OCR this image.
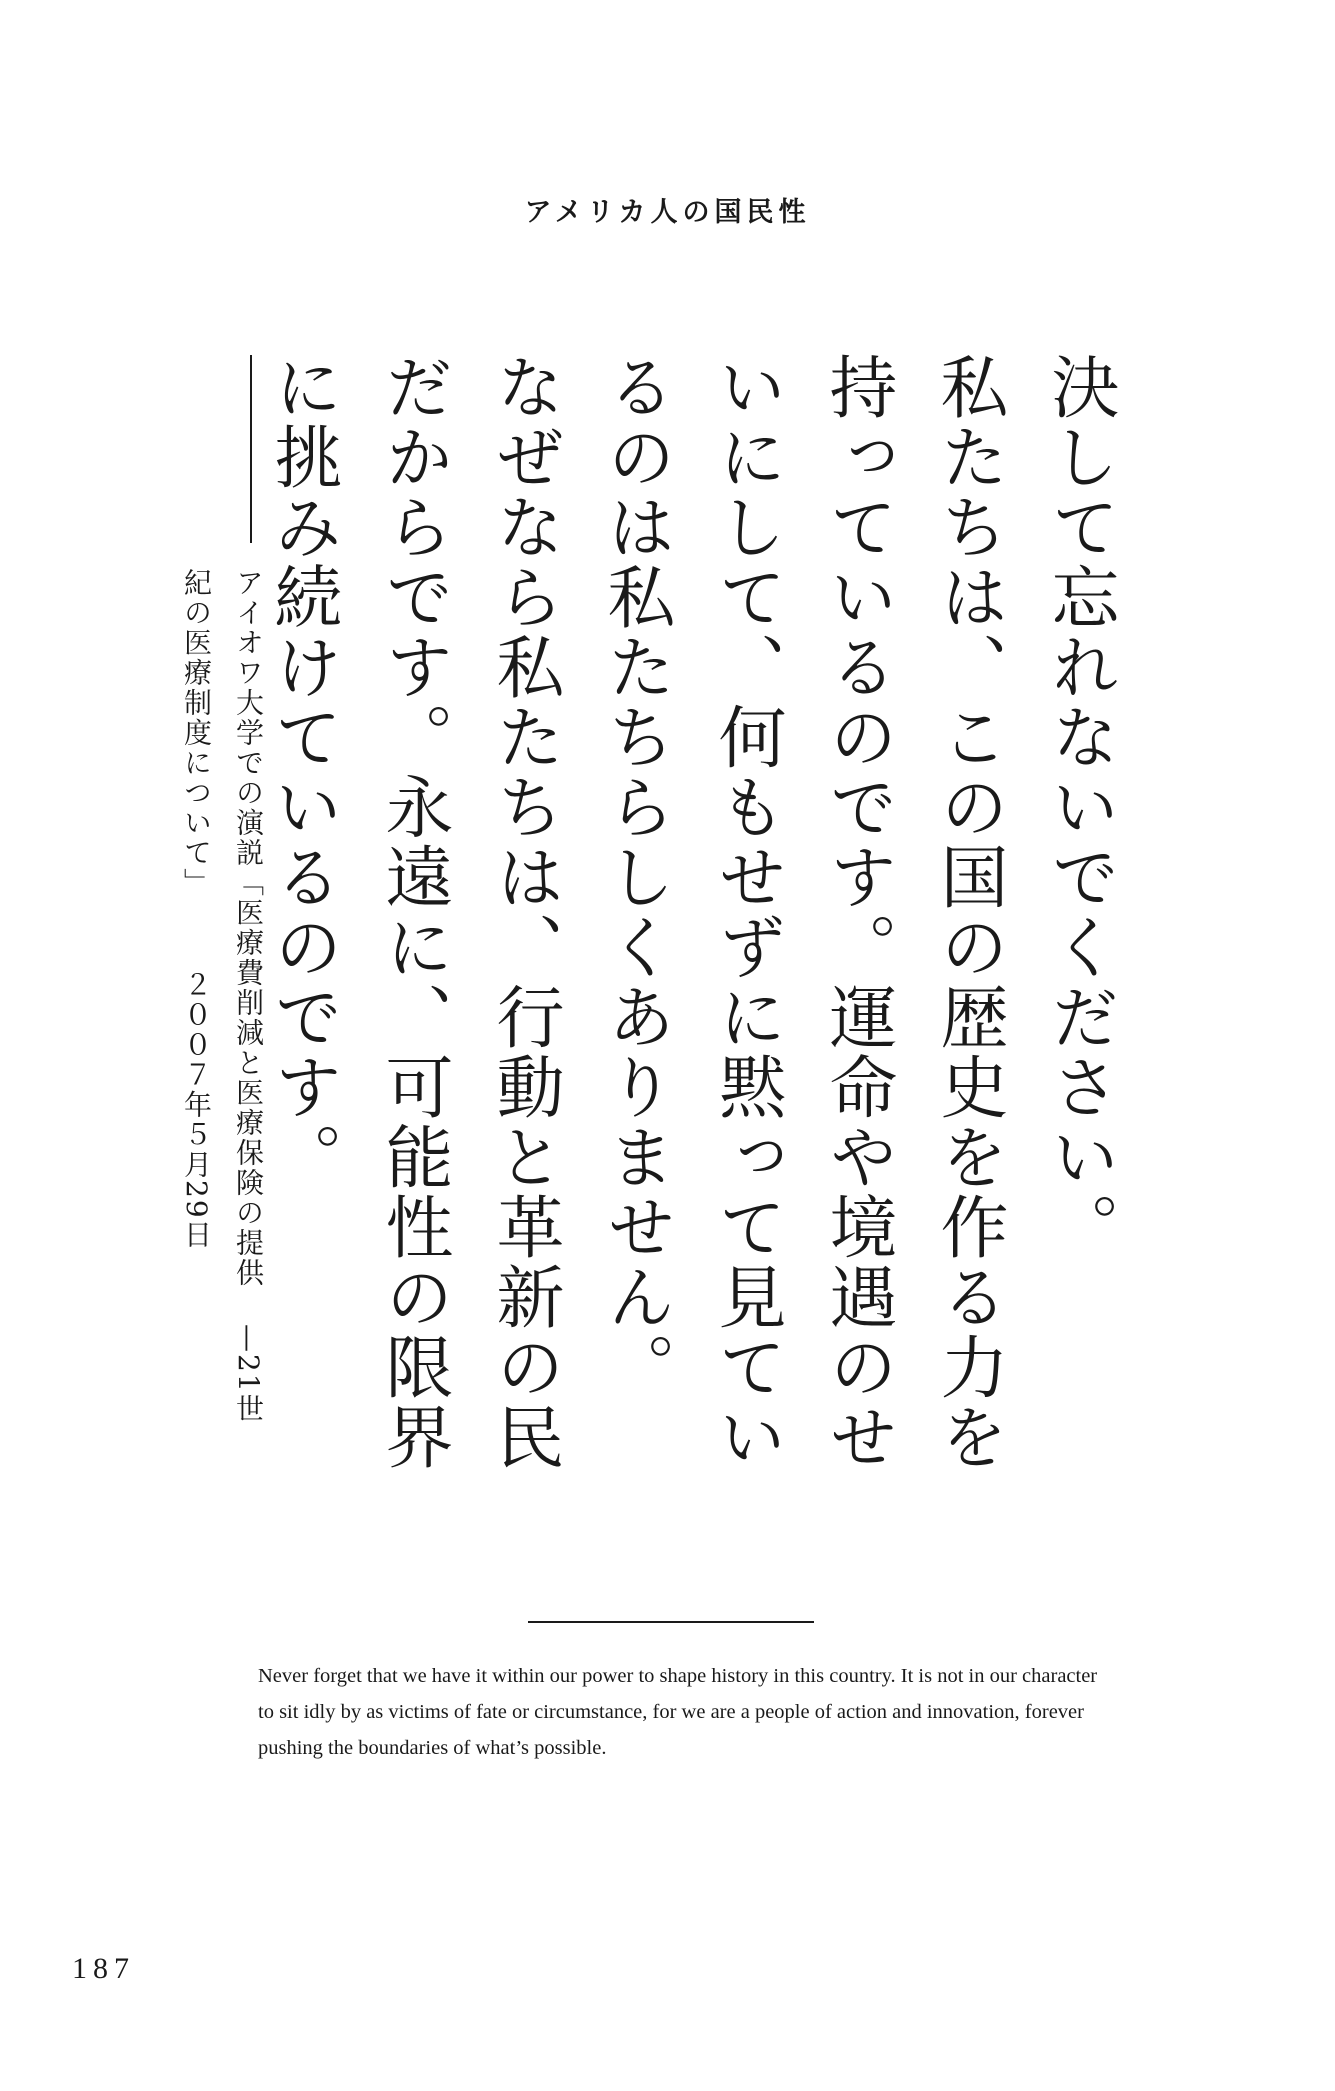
アメリカ人の国民性
決して忘れないでください。
私たちは、この国の歴史を作る力を
持っているのです。運命や境遇のせ
いにして、何もせずに黙って見てい
るのは私たちらしくありません。
なぜなら私たちは、行動と革新の民
だからです。永遠に、可能性の限界
に挑み続けているのです。
アイオワ大学での演説「医療費削減と医療保険の提供—21世
紀の医療制度について」２００７年５月29日
Never forget that we have it within our power to shape history in this country. It is not in our character to sit idly by as victims of fate or circumstance, for we are a people of action and innovation, forever pushing the boundaries of what’s possible.
187
